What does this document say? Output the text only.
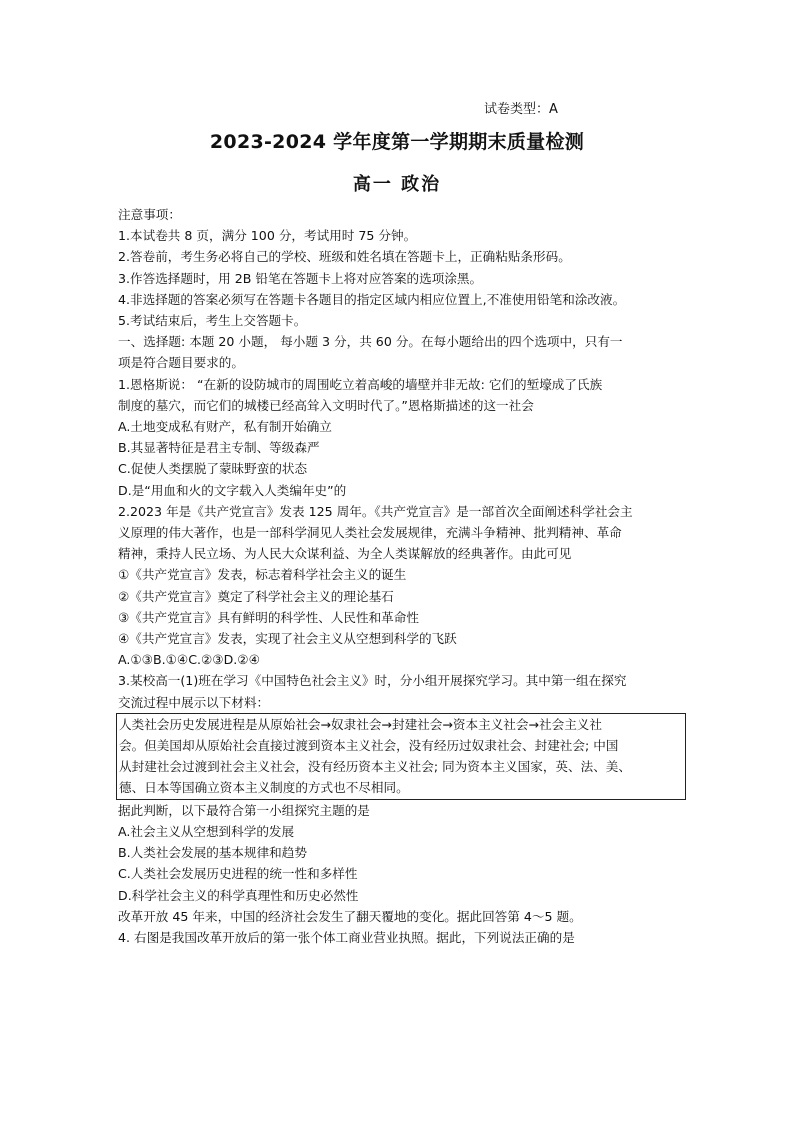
试卷类型：A
2023-2024 学年度第一学期期末质量检测
高一 政治

注意事项：

1.本试卷共 8 页，满分 100 分，考试用时 75 分钟。

2.答卷前，考生务必将自己的学校、班级和姓名填在答题卡上，正确粘贴条形码。

3.作答选择题时，用 2B 铅笔在答题卡上将对应答案的选项涂黑。

4.非选择题的答案必须写在答题卡各题目的指定区域内相应位置上,不准使用铅笔和涂改液。

5.考试结束后，考生上交答题卡。

一、选择题: 本题 20 小题， 每小题 3 分，共 60 分。在每小题给出的四个选项中，只有一

项是符合题目要求的。

1.恩格斯说： “在新的设防城市的周围屹立着高峻的墙壁并非无故: 它们的堑壕成了氏族

制度的墓穴，而它们的城楼已经高耸入文明时代了。”恩格斯描述的这一社会

A.土地变成私有财产，私有制开始确立

B.其显著特征是君主专制、等级森严

C.促使人类摆脱了蒙昧野蛮的状态

D.是“用血和火的文字载入人类编年史”的

2.2023 年是《共产党宣言》发表 125 周年。《共产党宣言》是一部首次全面阐述科学社会主

义原理的伟大著作，也是一部科学洞见人类社会发展规律，充满斗争精神、批判精神、革命

精神，秉持人民立场、为人民大众谋利益、为全人类谋解放的经典著作。由此可见

①《共产党宣言》发表，标志着科学社会主义的诞生

②《共产党宣言》奠定了科学社会主义的理论基石

③《共产党宣言》具有鲜明的科学性、人民性和革命性

④《共产党宣言》发表，实现了社会主义从空想到科学的飞跃

A.①③B.①④C.②③D.②④

3.某校高一(1)班在学习《中国特色社会主义》时，分小组开展探究学习。其中第一组在探究

交流过程中展示以下材料：

人类社会历史发展进程是从原始社会→奴隶社会→封建社会→资本主义社会→社会主义社

会。但美国却从原始社会直接过渡到资本主义社会，没有经历过奴隶社会、封建社会; 中国

从封建社会过渡到社会主义社会，没有经历资本主义社会; 同为资本主义国家，英、法、美、

德、日本等国确立资本主义制度的方式也不尽相同。

据此判断，以下最符合第一小组探究主题的是

A.社会主义从空想到科学的发展

B.人类社会发展的基本规律和趋势

C.人类社会发展历史进程的统一性和多样性

D.科学社会主义的科学真理性和历史必然性

改革开放 45 年来，中国的经济社会发生了翻天覆地的变化。据此回答第 4～5 题。

4. 右图是我国改革开放后的第一张个体工商业营业执照。据此，下列说法正确的是
